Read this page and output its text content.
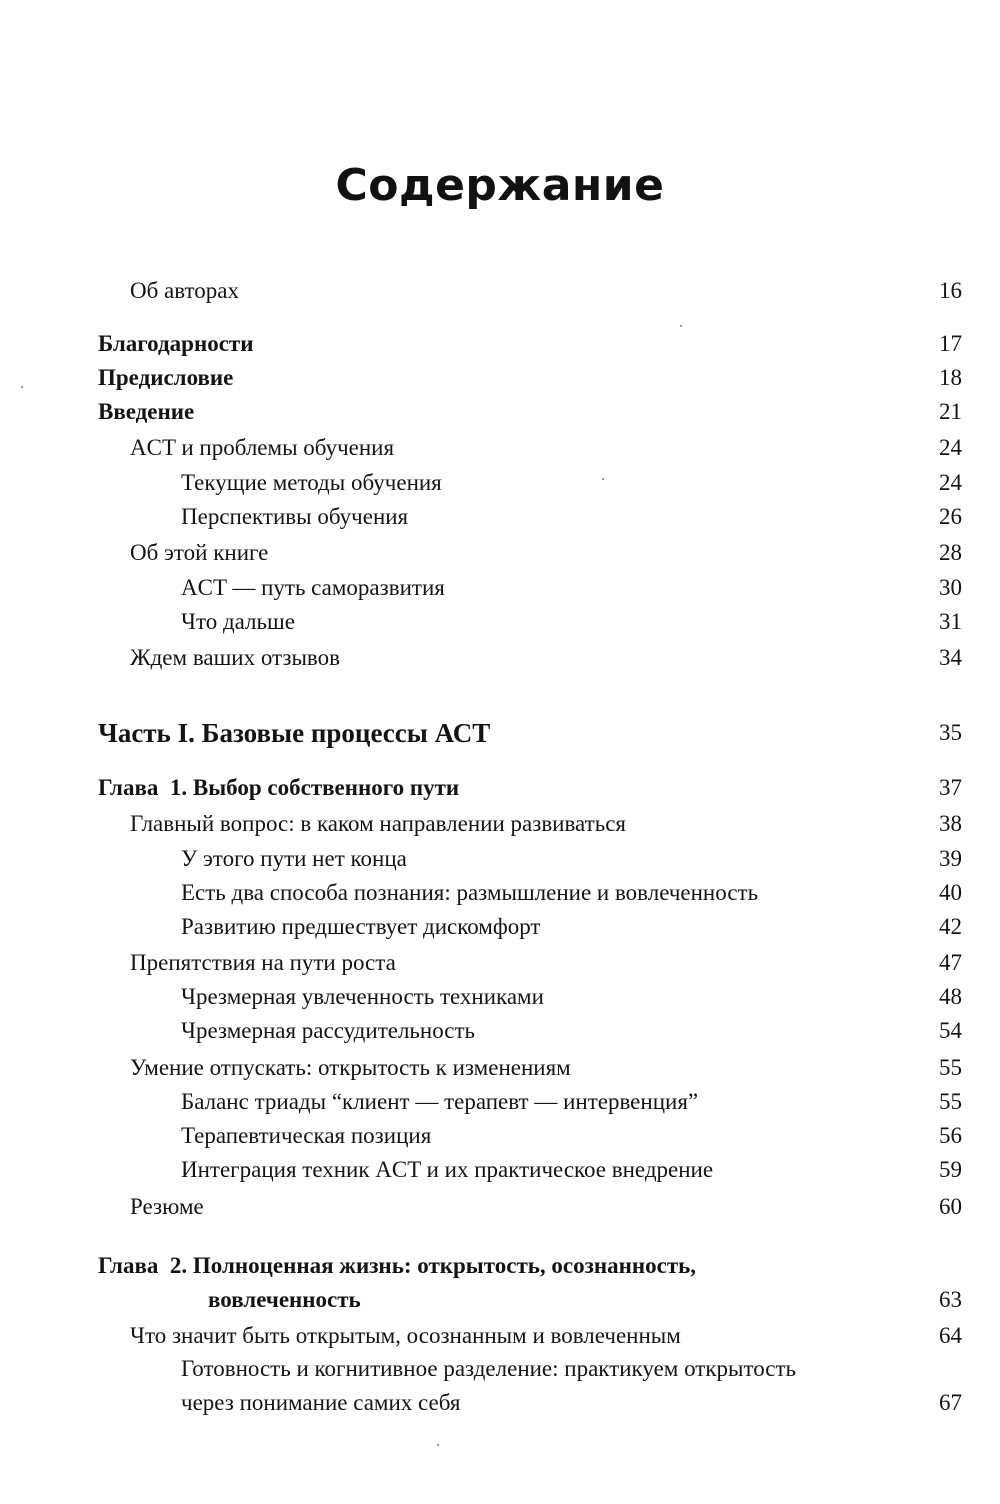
Содержание
Об авторах	16
Благодарности	17
Предисловие	18
Введение	21
ACT и проблемы обучения	24
Текущие методы обучения	24
Перспективы обучения	26
Об этой книге	28
ACT — путь саморазвития	30
Что дальше	31
Ждем ваших отзывов	34
Часть I. Базовые процессы АСТ	35
Глава  1. Выбор собственного пути	37
Главный вопрос: в каком направлении развиваться	38
У этого пути нет конца	39
Есть два способа познания: размышление и вовлеченность	40
Развитию предшествует дискомфорт	42
Препятствия на пути роста	47
Чрезмерная увлеченность техниками	48
Чрезмерная рассудительность	54
Умение отпускать: открытость к изменениям	55
Баланс триады “клиент — терапевт — интервенция”	55
Терапевтическая позиция	56
Интеграция техник ACT и их практическое внедрение	59
Резюме	60
Глава  2. Полноценная жизнь: открытость, осознанность,
вовлеченность	63
Что значит быть открытым, осознанным и вовлеченным	64
Готовность и когнитивное разделение: практикуем открытость
через понимание самих себя	67
